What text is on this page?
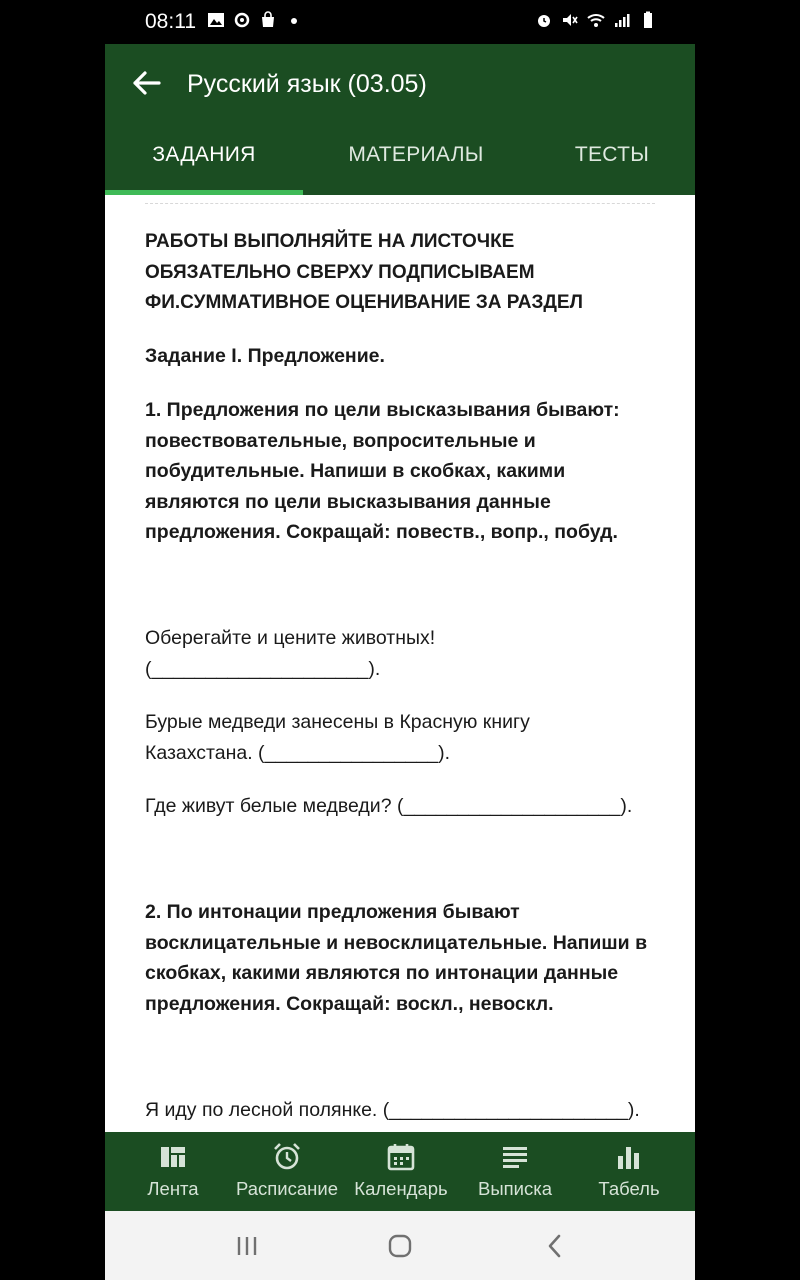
08:11
Русский язык (03.05)
ЗАДАНИЯ	МАТЕРИАЛЫ	ТЕСТЫ
РАБОТЫ ВЫПОЛНЯЙТЕ НА ЛИСТОЧКЕ
ОБЯЗАТЕЛЬНО СВЕРХУ ПОДПИСЫВАЕМ
ФИ.СУММАТИВНОЕ ОЦЕНИВАНИЕ ЗА РАЗДЕЛ
Задание I. Предложение.
1. Предложения по цели высказывания бывают:
повествовательные, вопросительные и
побудительные. Напиши в скобках, какими
являются по цели высказывания данные
предложения. Сокращай: повеств., вопр., побуд.
Оберегайте и цените животных!
(____________________).
Бурые медведи занесены в Красную книгу
Казахстана. (________________).
Где живут белые медведи? (____________________).
2. По интонации предложения бывают
восклицательные и невосклицательные. Напиши в
скобках, какими являются по интонации данные
предложения. Сокращай: воскл., невоскл.
Я иду по лесной полянке. (______________________).
Лента	Расписание Календарь	Выписка	Табель
